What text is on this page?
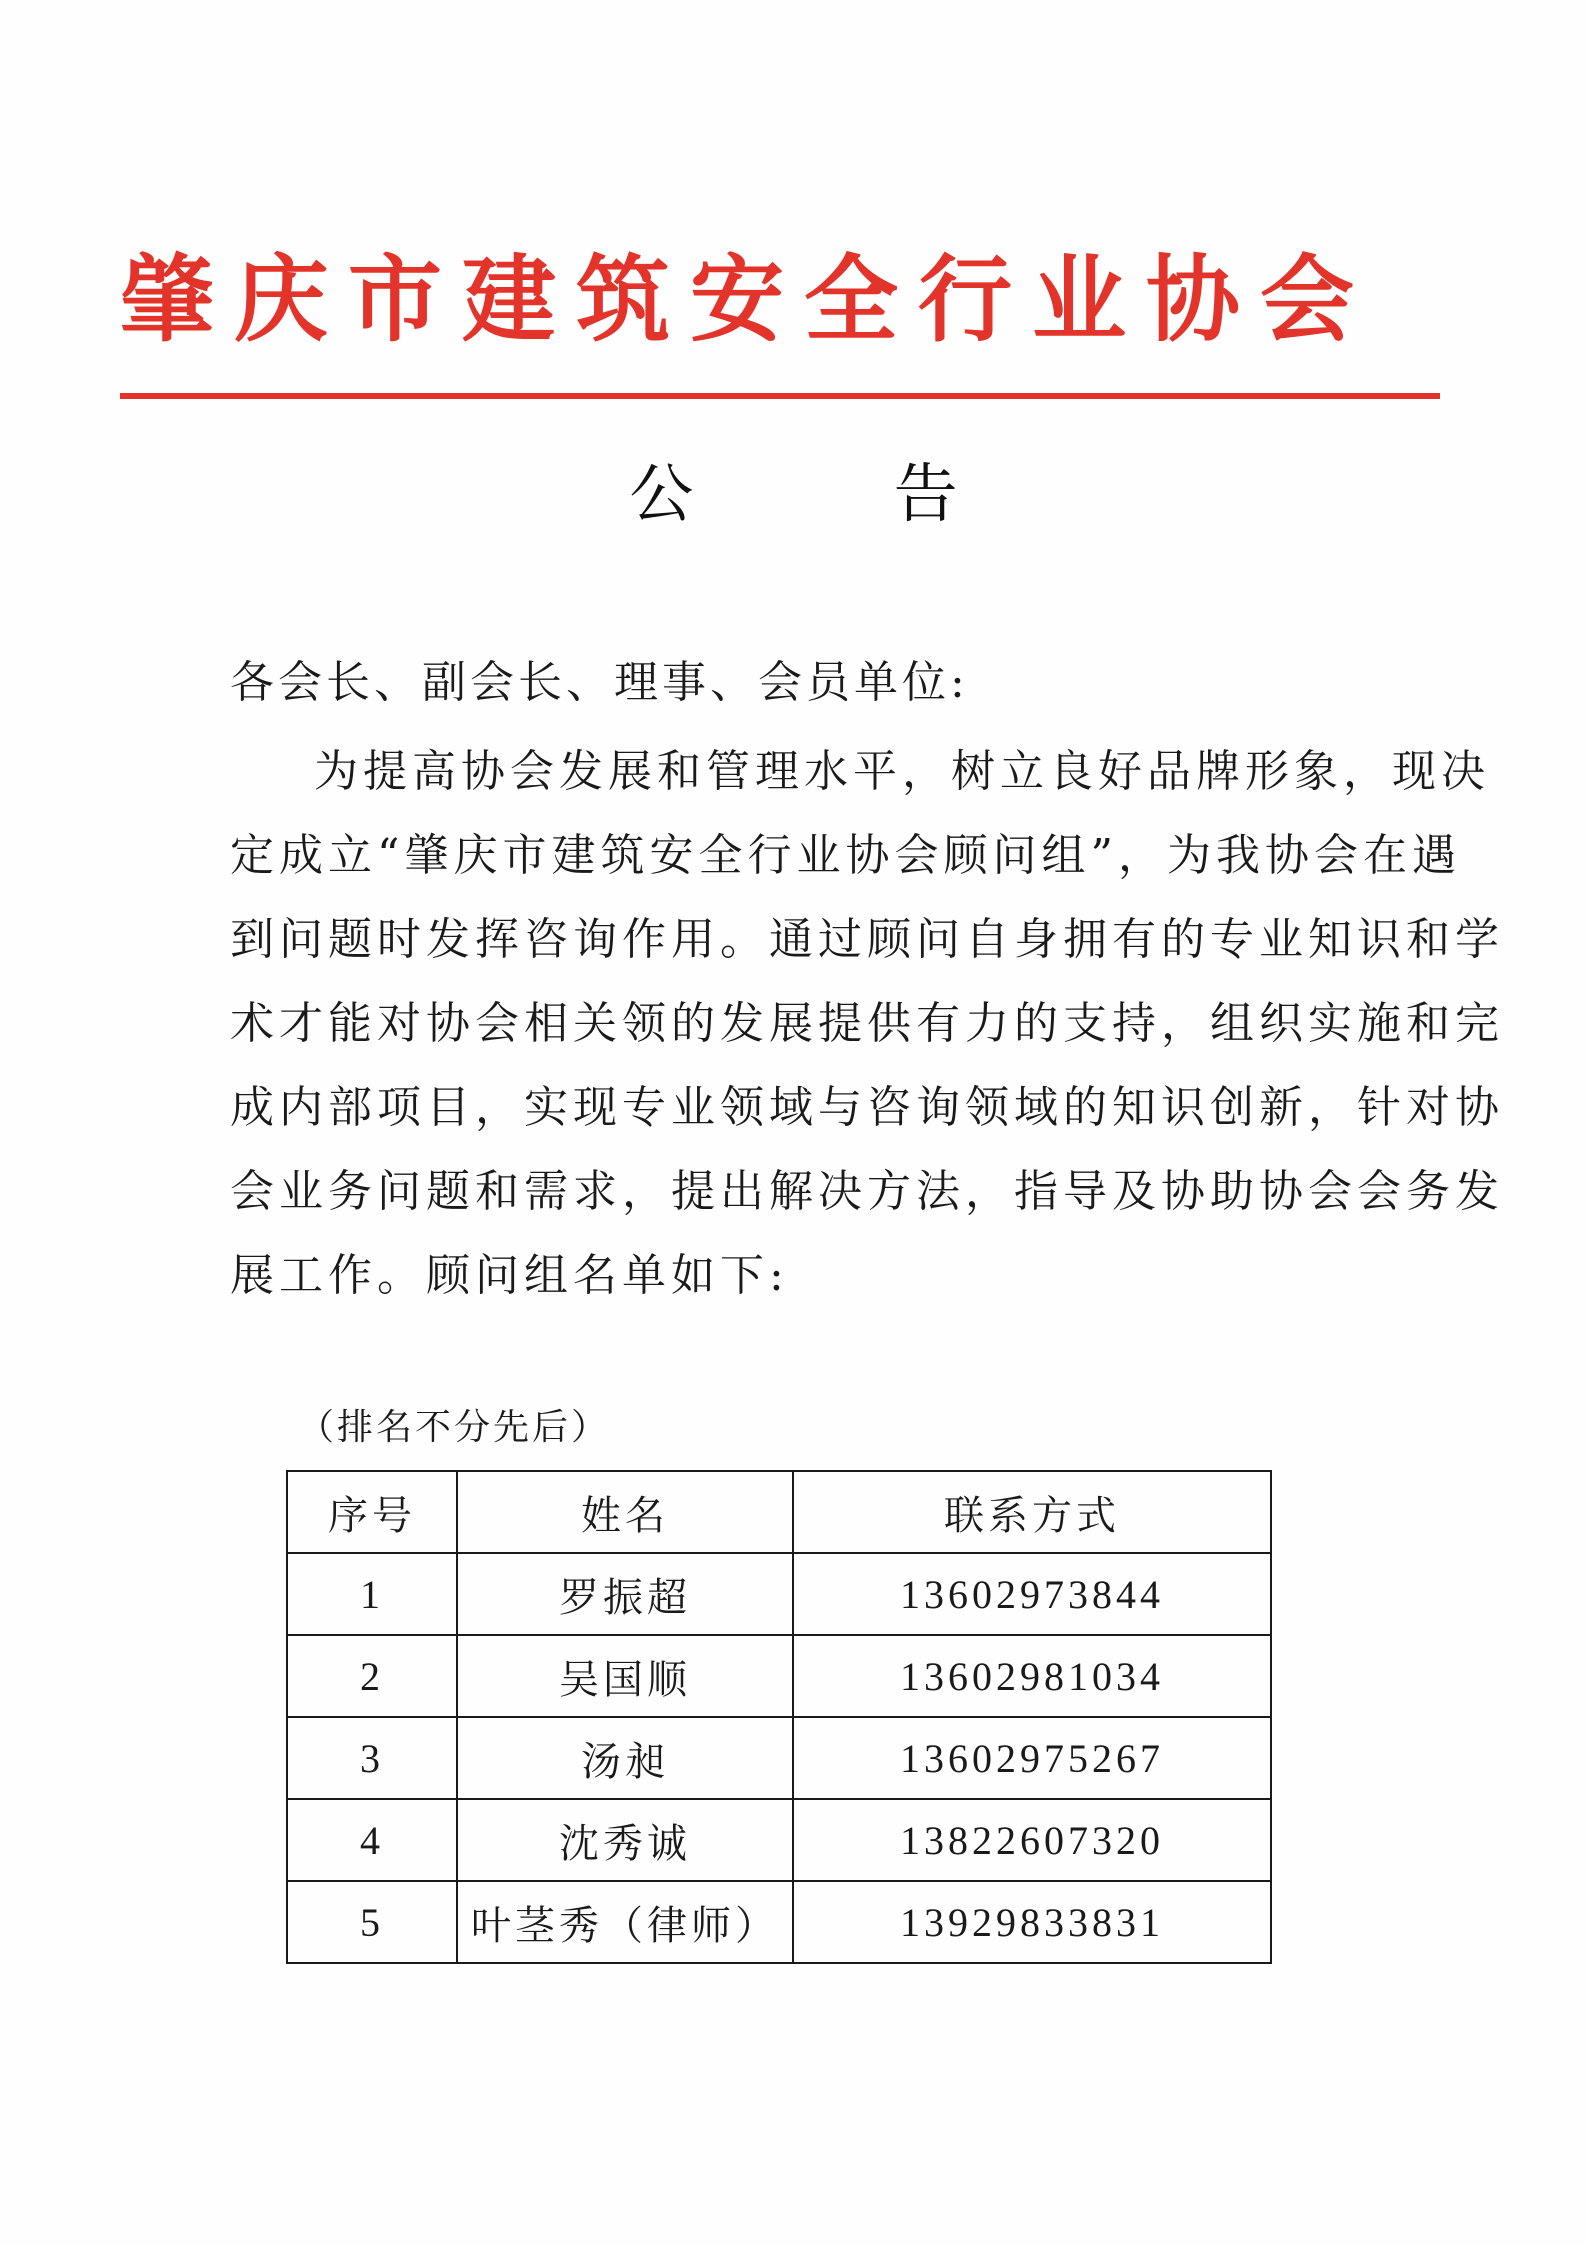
肇庆市建筑安全行业协会
公 告
各会长、副会长、理事、会员单位:
为提高协会发展和管理水平，树立良好品牌形象，现决
定成立“肇庆市建筑安全行业协会顾问组”，为我协会在遇
到问题时发挥咨询作用。通过顾问自身拥有的专业知识和学
术才能对协会相关领的发展提供有力的支持，组织实施和完
成内部项目，实现专业领域与咨询领域的知识创新，针对协
会业务问题和需求，提出解决方法，指导及协助协会会务发
展工作。顾问组名单如下:
（排名不分先后）
序号	姓名	联系方式
1	罗振超	13602973844
2	吴国顺	13602981034
3	汤昶	13602975267
4	沈秀诚	13822607320
5	叶茎秀（律师）	13929833831
